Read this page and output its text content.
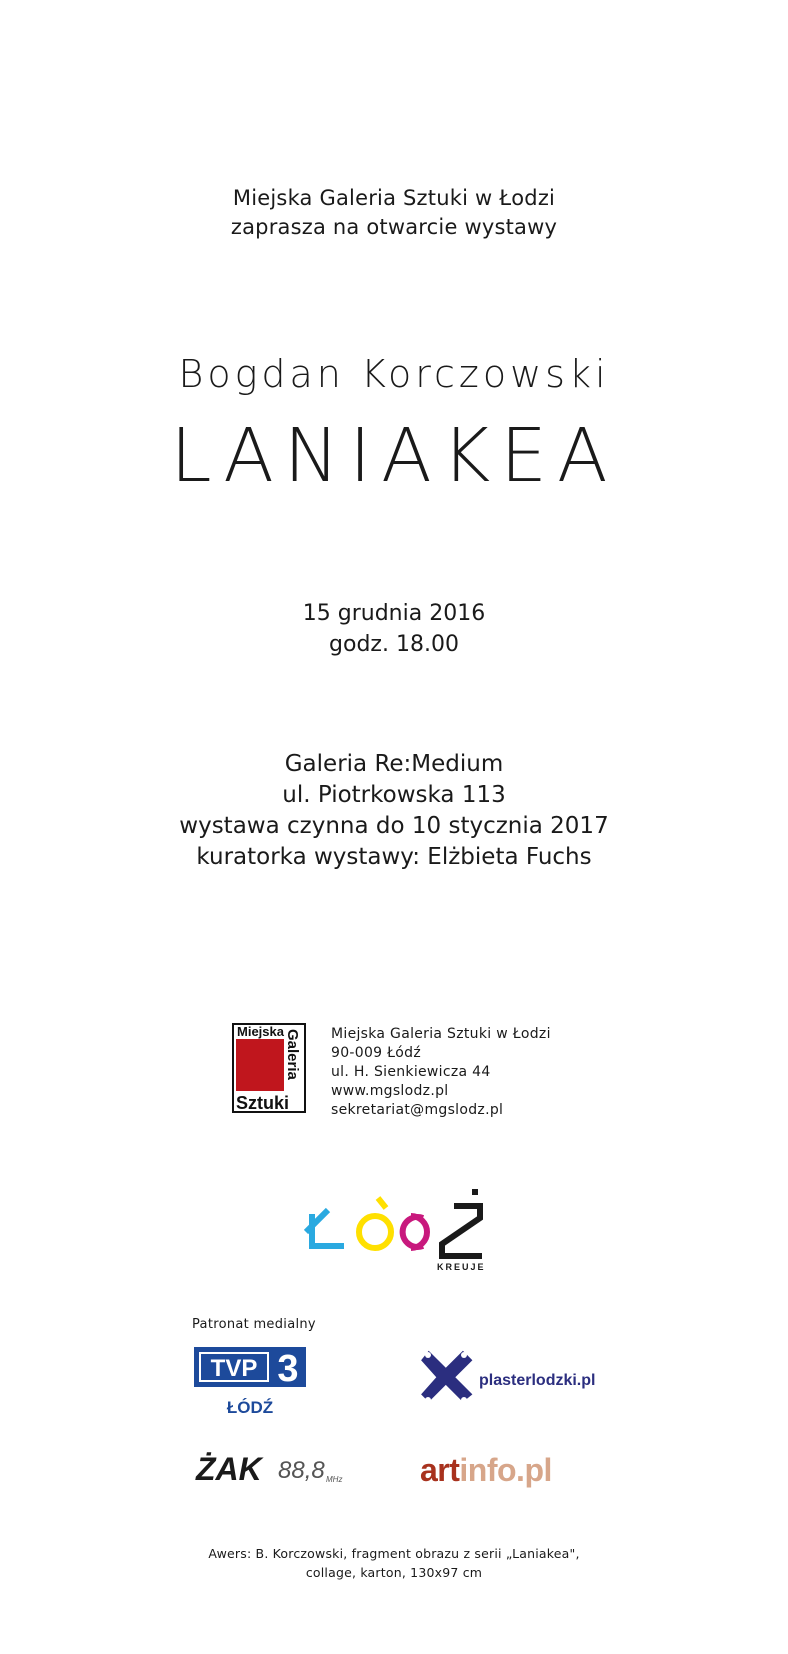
Miejska Galeria Sztuki w Łodzi
zaprasza na otwarcie wystawy
Bogdan Korczowski
LANIAKEA
15 grudnia 2016
godz. 18.00
Galeria Re:Medium
ul. Piotrkowska 113
wystawa czynna do 10 stycznia 2017
kuratorka wystawy: Elżbieta Fuchs
Miejska Galeria
Sztuki
Miejska Galeria Sztuki w Łodzi
90-009 Łódź
ul. H. Sienkiewicza 44
www.mgslodz.pl
sekretariat@mgslodz.pl
KREUJE
Patronat medialny
TVP 3
ŁÓDŹ
plasterlodzki.pl
ŻAK 88,8 MHz artinfo.pl
Awers: B. Korczowski, fragment obrazu z serii „Laniakea",
collage, karton, 130x97 cm
